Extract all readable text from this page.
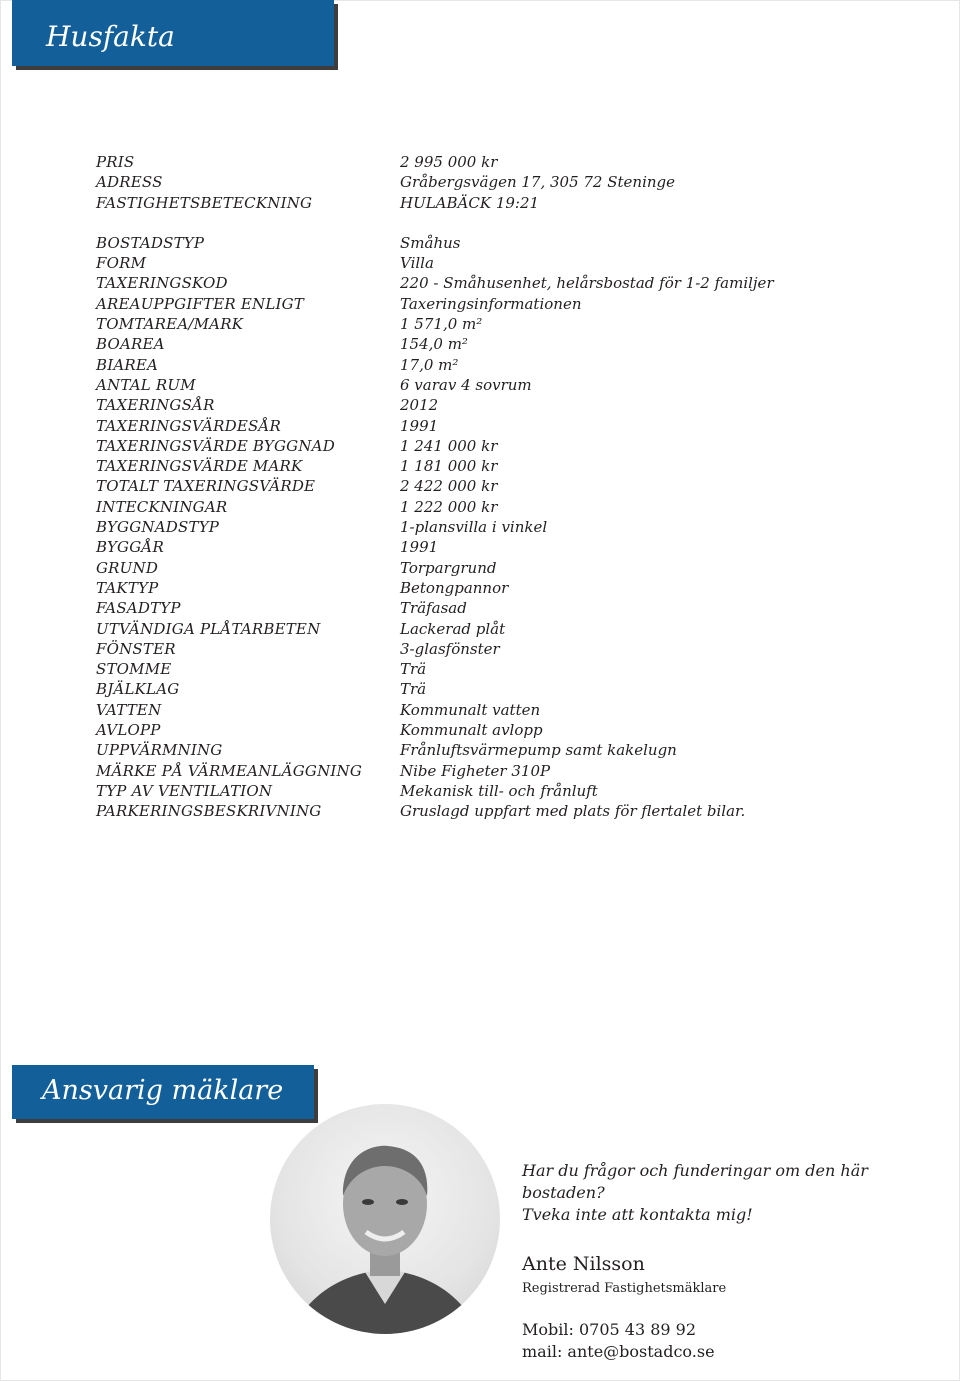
Husfakta
PRIS	2 995 000 kr
ADRESS	Gråbergsvägen 17, 305 72 Steninge
FASTIGHETSBETECKNING	HULABÄCK 19:21
BOSTADSTYP	Småhus
FORM	Villa
TAXERINGSKOD	220 - Småhusenhet, helårsbostad för 1-2 familjer
AREAUPPGIFTER ENLIGT	Taxeringsinformationen
TOMTAREA/MARK	1 571,0 m²
BOAREA	154,0 m²
BIAREA	17,0 m²
ANTAL RUM	6 varav 4 sovrum
TAXERINGSÅR	2012
TAXERINGSVÄRDESÅR	1991
TAXERINGSVÄRDE BYGGNAD	1 241 000 kr
TAXERINGSVÄRDE MARK	1 181 000 kr
TOTALT TAXERINGSVÄRDE	2 422 000 kr
INTECKNINGAR	1 222 000 kr
BYGGNADSTYP	1-plansvilla i vinkel
BYGGÅR	1991
GRUND	Torpargrund
TAKTYP	Betongpannor
FASADTYP	Träfasad
UTVÄNDIGA PLÅTARBETEN	Lackerad plåt
FÖNSTER	3-glasfönster
STOMME	Trä
BJÄLKLAG	Trä
VATTEN	Kommunalt vatten
AVLOPP	Kommunalt avlopp
UPPVÄRMNING	Frånluftsvärmepump samt kakelugn
MÄRKE PÅ VÄRMEANLÄGGNING	Nibe Figheter 310P
TYP AV VENTILATION	Mekanisk till- och frånluft
PARKERINGSBESKRIVNING	Gruslagd uppfart med plats för flertalet bilar.
Ansvarig mäklare
Har du frågor och funderingar om den här bostaden?
Tveka inte att kontakta mig!
Ante Nilsson
Registrerad Fastighetsmäklare
Mobil: 0705 43 89 92
mail: ante@bostadco.se
